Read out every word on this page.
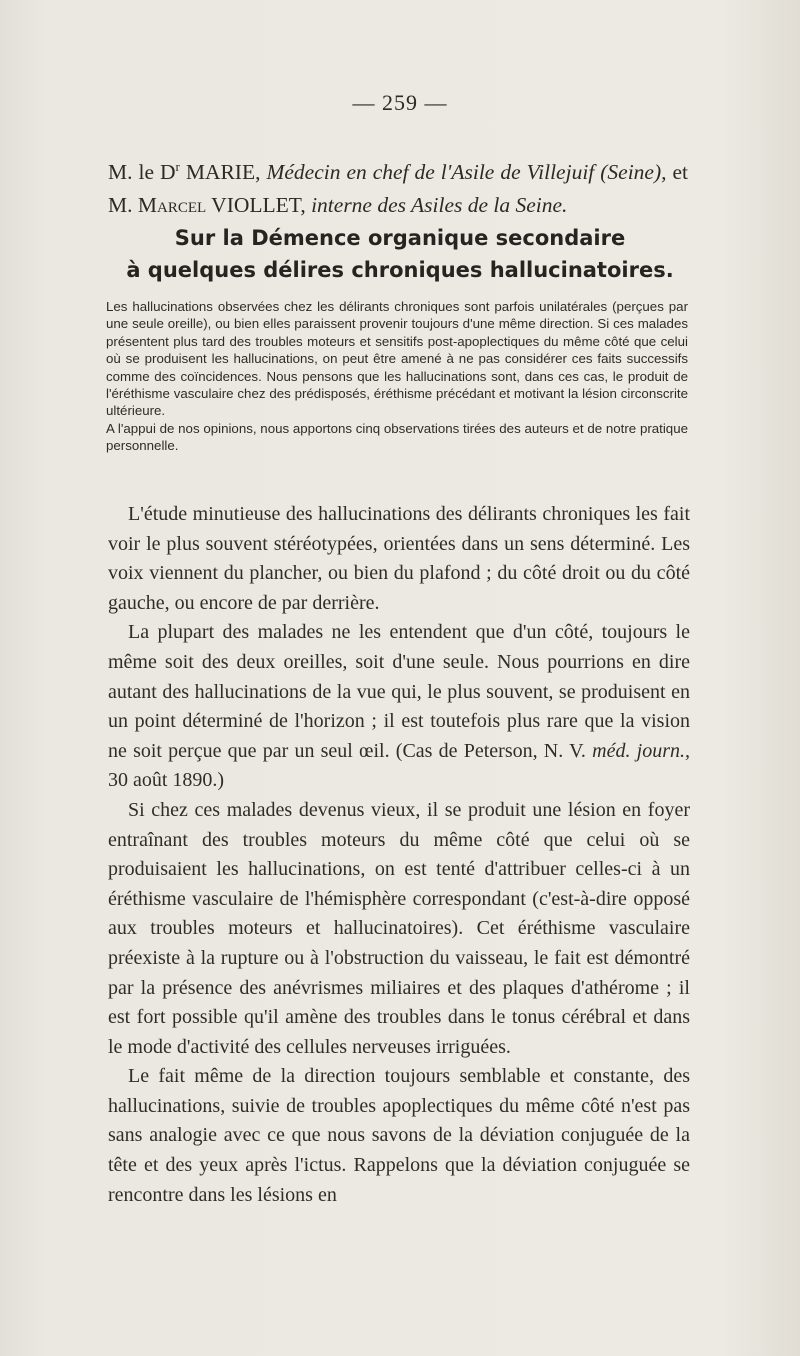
— 259 —
M. le $D^r$ MARIE, Médecin en chef de l'Asile de Villejuif (Seine), et M. Marcel VIOLLET, interne des Asiles de la Seine.
Sur la Démence organique secondaire
à quelques délires chroniques hallucinatoires.

Les hallucinations observées chez les délirants chroniques sont parfois unilatérales (perçues par une seule oreille), ou bien elles paraissent provenir toujours d'une même direction. Si ces malades présentent plus tard des troubles moteurs et sensitifs post-apoplectiques du même côté que celui où se produisent les hallucinations, on peut être amené à ne pas considérer ces faits successifs comme des coïncidences. Nous pensons que les hallucinations sont, dans ces cas, le produit de l'éréthisme vasculaire chez des prédisposés, éréthisme précédant et motivant la lésion circonscrite ultérieure.

A l'appui de nos opinions, nous apportons cinq observations tirées des auteurs et de notre pratique personnelle.

L'étude minutieuse des hallucinations des délirants chroniques les fait voir le plus souvent stéréotypées, orientées dans un sens déterminé. Les voix viennent du plancher, ou bien du plafond ; du côté droit ou du côté gauche, ou encore de par derrière.

La plupart des malades ne les entendent que d'un côté, toujours le même soit des deux oreilles, soit d'une seule. Nous pourrions en dire autant des hallucinations de la vue qui, le plus souvent, se produisent en un point déterminé de l'horizon ; il est toutefois plus rare que la vision ne soit perçue que par un seul œil. (Cas de Peterson, N. V. méd. journ., 30 août 1890.)

Si chez ces malades devenus vieux, il se produit une lésion en foyer entraînant des troubles moteurs du même côté que celui où se produisaient les hallucinations, on est tenté d'attribuer celles-ci à un éréthisme vasculaire de l'hémisphère correspondant (c'est-à-dire opposé aux troubles moteurs et hallucinatoires). Cet éréthisme vasculaire préexiste à la rupture ou à l'obstruction du vaisseau, le fait est démontré par la présence des anévrismes miliaires et des plaques d'athérome ; il est fort possible qu'il amène des troubles dans le tonus cérébral et dans le mode d'activité des cellules nerveuses irriguées.

Le fait même de la direction toujours semblable et constante, des hallucinations, suivie de troubles apoplectiques du même côté n'est pas sans analogie avec ce que nous savons de la déviation conjuguée de la tête et des yeux après l'ictus. Rappelons que la déviation conjuguée se rencontre dans les lésions en
